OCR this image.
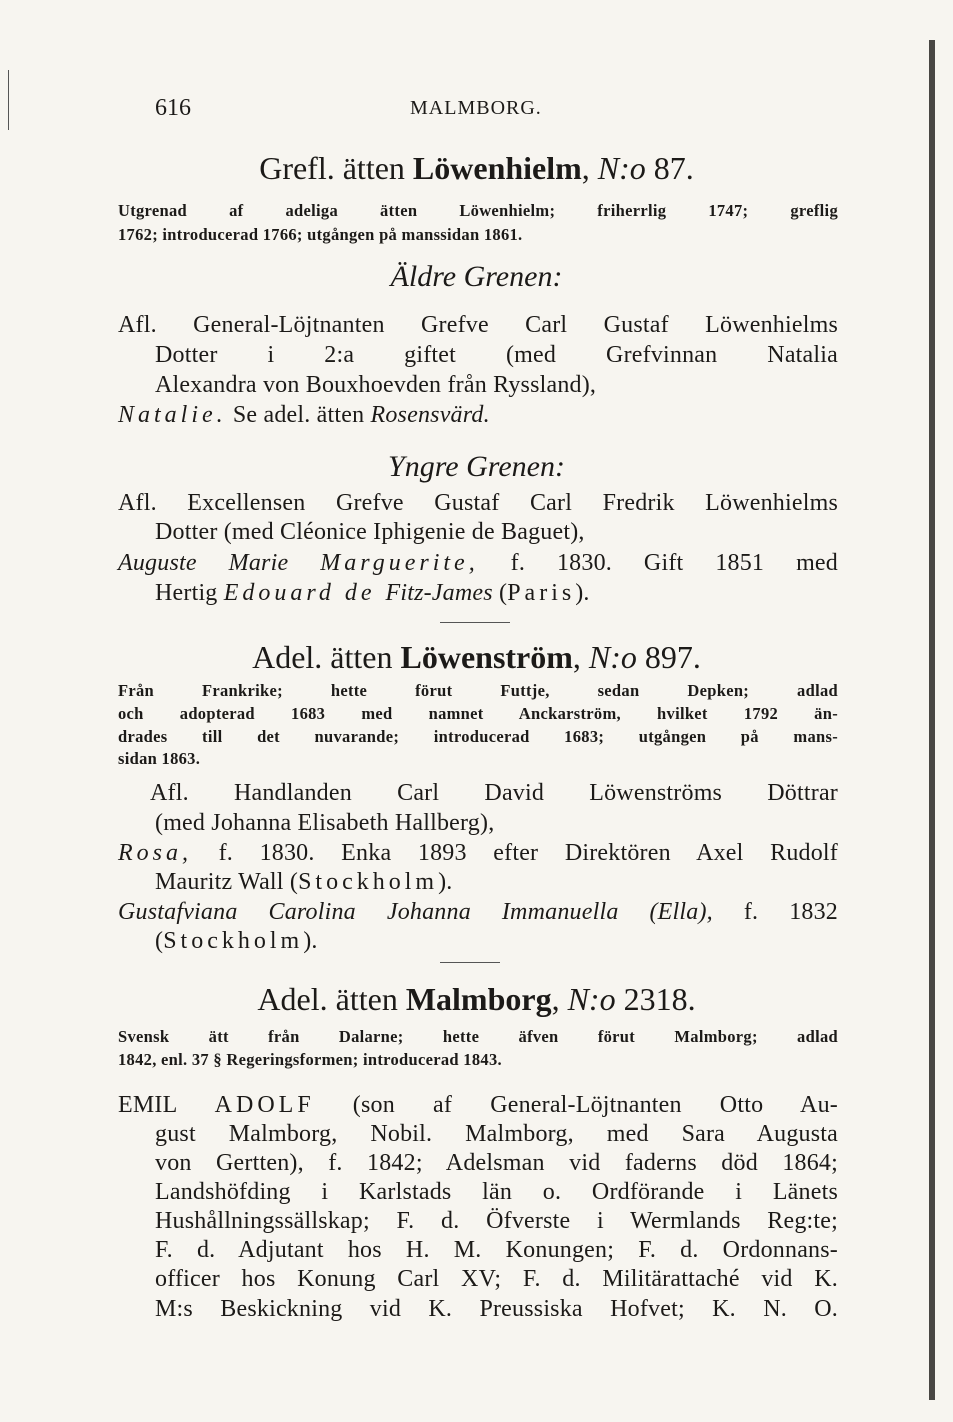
616	MALMBORG.
Grefl. ätten Löwenhielm, N:o 87.
Utgrenad af adeliga ätten Löwenhielm; friherrlig 1747; greflig
1762; introducerad 1766; utgången på manssidan 1861.
Äldre Grenen:
Afl. General-Löjtnanten Grefve Carl Gustaf Löwenhielms
Dotter i 2:a giftet (med Grefvinnan Natalia
Alexandra von Bouxhoevden från Ryssland),
Natalie. Se adel. ätten Rosensvärd.
Yngre Grenen:
Afl. Excellensen Grefve Gustaf Carl Fredrik Löwenhielms
Dotter (med Cléonice Iphigenie de Baguet),
Auguste Marie Marguerite, f. 1830. Gift 1851 med
Hertig Edouard de Fitz-James (Paris).
Adel. ätten Löwenström, N:o 897.
Från Frankrike; hette förut Futtje, sedan Depken; adlad
och adopterad 1683 med namnet Anckarström, hvilket 1792 än-
drades till det nuvarande; introducerad 1683; utgången på mans-
sidan 1863.
Afl. Handlanden Carl David Löwenströms Döttrar
(med Johanna Elisabeth Hallberg),
Rosa, f. 1830. Enka 1893 efter Direktören Axel Rudolf
Mauritz Wall (Stockholm).
Gustafviana Carolina Johanna Immanuella (Ella), f. 1832
(Stockholm).
Adel. ätten Malmborg, N:o 2318.
Svensk ätt från Dalarne; hette äfven förut Malmborg; adlad
1842, enl. 37 § Regeringsformen; introducerad 1843.
EMIL ADOLF (son af General-Löjtnanten Otto Au-
gust Malmborg, Nobil. Malmborg, med Sara Augusta
von Gertten), f. 1842; Adelsman vid faderns död 1864;
Landshöfding i Karlstads län o. Ordförande i Länets
Hushållningssällskap; F. d. Öfverste i Wermlands Reg:te;
F. d. Adjutant hos H. M. Konungen; F. d. Ordonnans-
officer hos Konung Carl XV; F. d. Militärattaché vid K.
M:s Beskickning vid K. Preussiska Hofvet; K. N. O.
